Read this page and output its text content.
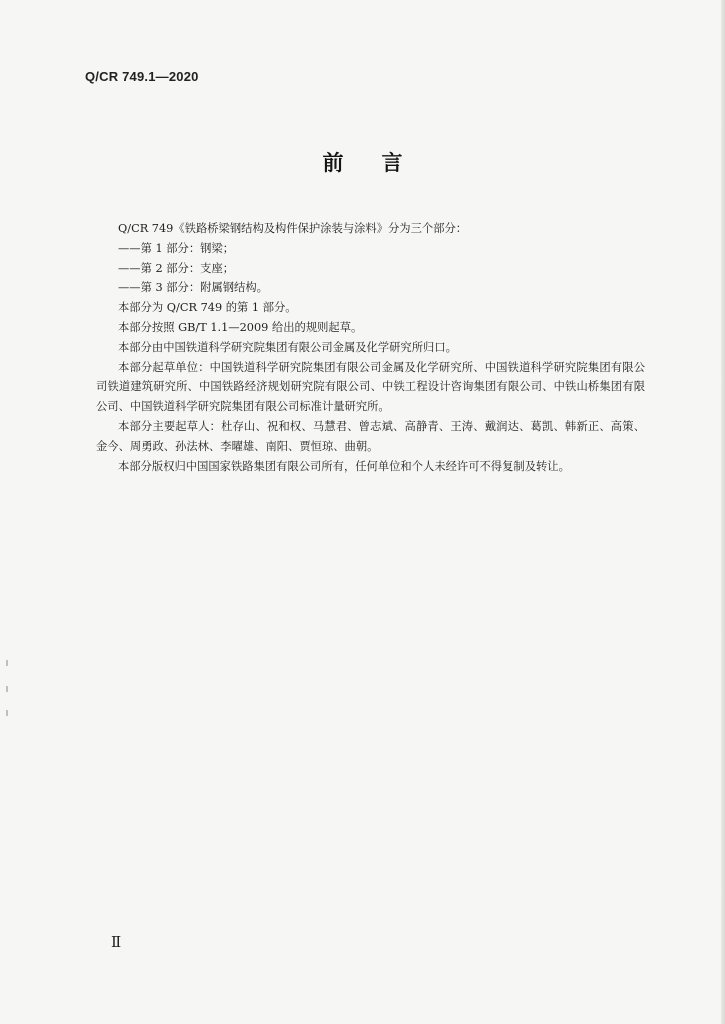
Q/CR 749.1—2020
前 言

Q/CR 749《铁路桥梁钢结构及构件保护涂装与涂料》分为三个部分：

——第 1 部分：钢梁；

——第 2 部分：支座；

——第 3 部分：附属钢结构。

本部分为 Q/CR 749 的第 1 部分。

本部分按照 GB/T 1.1—2009 给出的规则起草。

本部分由中国铁道科学研究院集团有限公司金属及化学研究所归口。

本部分起草单位：中国铁道科学研究院集团有限公司金属及化学研究所、中国铁道科学研究院集团有限公司铁道建筑研究所、中国铁路经济规划研究院有限公司、中铁工程设计咨询集团有限公司、中铁山桥集团有限公司、中国铁道科学研究院集团有限公司标准计量研究所。

本部分主要起草人：杜存山、祝和权、马慧君、曾志斌、高静青、王涛、戴润达、葛凯、韩新正、高策、金今、周勇政、孙法林、李曜雄、南阳、贾恒琼、曲朝。

本部分版权归中国国家铁路集团有限公司所有，任何单位和个人未经许可不得复制及转让。

Ⅱ
